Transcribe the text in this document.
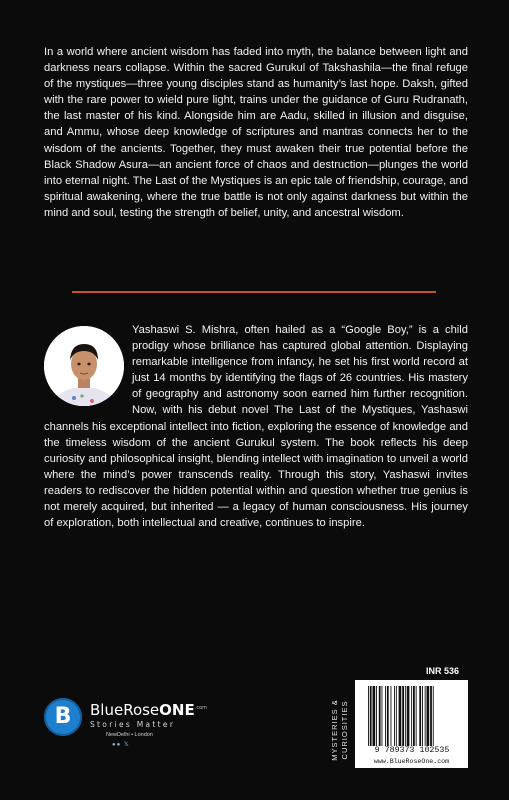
In a world where ancient wisdom has faded into myth, the balance between light and darkness nears collapse. Within the sacred Gurukul of Takshashila—the final refuge of the mystiques—three young disciples stand as humanity’s last hope. Daksh, gifted with the rare power to wield pure light, trains under the guidance of Guru Rudranath, the last master of his kind. Alongside him are Aadu, skilled in illusion and disguise, and Ammu, whose deep knowledge of scriptures and mantras connects her to the wisdom of the ancients. Together, they must awaken their true potential before the Black Shadow Asura—an ancient force of chaos and destruction—plunges the world into eternal night. The Last of the Mystiques is an epic tale of friendship, courage, and spiritual awakening, where the true battle is not only against darkness but within the mind and soul, testing the strength of belief, unity, and ancestral wisdom.

Yashaswi S. Mishra, often hailed as a “Google Boy,” is a child prodigy whose brilliance has captured global attention. Displaying remarkable intelligence from infancy, he set his first world record at just 14 months by identifying the flags of 26 countries. His mastery of geography and astronomy soon earned him further recognition. Now, with his debut novel The Last of the Mystiques, Yashaswi channels his exceptional intellect into fiction, exploring the essence of knowledge and the timeless wisdom of the ancient Gurukul system. The book reflects his deep curiosity and philosophical insight, blending intellect with imagination to unveil a world where the mind’s power transcends reality. Through this story, Yashaswi invites readers to rediscover the hidden potential within and question whether true genius is not merely acquired, but inherited — a legacy of human consciousness. His journey of exploration, both intellectual and creative, continues to inspire.

B	BlueRoseONE$^{.com}$
Stories Matter
NewDelhi • London
●● 𝕏	MYSTERIES &
CURIOSITIES
INR 536
9 789373 102535
www.BlueRoseOne.com
